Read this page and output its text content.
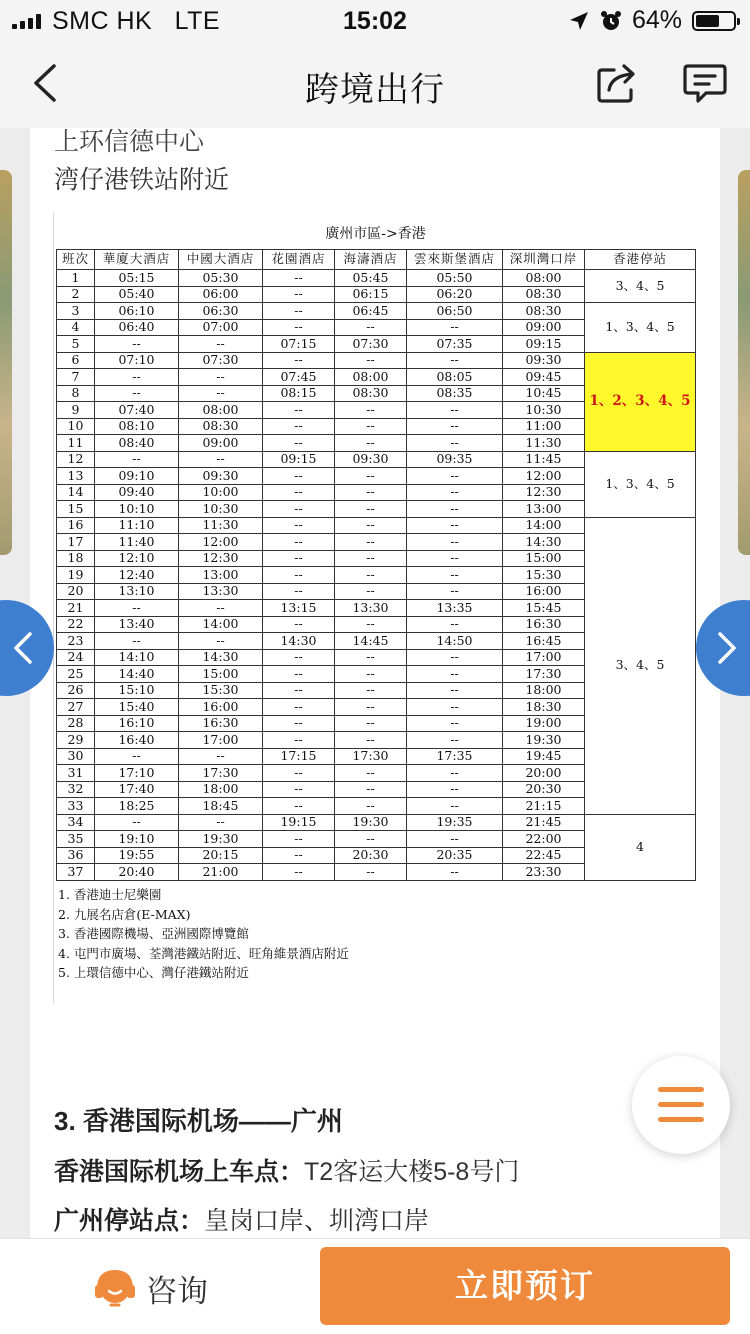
SMC HK   LTE	15:02	64%
跨境出行
上环信德中心
湾仔港铁站附近
廣州市區->香港
班次	華廈大酒店	中國大酒店	花園酒店	海濤酒店	雲來斯堡酒店	深圳灣口岸	香港停站
1	05:15	05:30	--	05:45	05:50	08:00	3、4、5
2	05:40	06:00	--	06:15	06:20	08:30	
3	06:10	06:30	--	06:45	06:50	08:30	1、3、4、5
4	06:40	07:00	--	--	--	09:00	
5	--	--	07:15	07:30	07:35	09:15	
6	07:10	07:30	--	--	--	09:30	1、2、3、4、5
7	--	--	07:45	08:00	08:05	09:45	
8	--	--	08:15	08:30	08:35	10:45	
9	07:40	08:00	--	--	--	10:30	
10	08:10	08:30	--	--	--	11:00	
11	08:40	09:00	--	--	--	11:30	
12	--	--	09:15	09:30	09:35	11:45	1、3、4、5
13	09:10	09:30	--	--	--	12:00	
14	09:40	10:00	--	--	--	12:30	
15	10:10	10:30	--	--	--	13:00	
16	11:10	11:30	--	--	--	14:00	3、4、5
17	11:40	12:00	--	--	--	14:30	
18	12:10	12:30	--	--	--	15:00	
19	12:40	13:00	--	--	--	15:30	
20	13:10	13:30	--	--	--	16:00	
21	--	--	13:15	13:30	13:35	15:45	
22	13:40	14:00	--	--	--	16:30	
23	--	--	14:30	14:45	14:50	16:45	
24	14:10	14:30	--	--	--	17:00	
25	14:40	15:00	--	--	--	17:30	
26	15:10	15:30	--	--	--	18:00	
27	15:40	16:00	--	--	--	18:30	
28	16:10	16:30	--	--	--	19:00	
29	16:40	17:00	--	--	--	19:30	
30	--	--	17:15	17:30	17:35	19:45	
31	17:10	17:30	--	--	--	20:00	
32	17:40	18:00	--	--	--	20:30	
33	18:25	18:45	--	--	--	21:15	
34	--	--	19:15	19:30	19:35	21:45	4
35	19:10	19:30	--	--	--	22:00	
36	19:55	20:15	--	20:30	20:35	22:45	
37	20:40	21:00	--	--	--	23:30	
1. 香港迪士尼樂園
2. 九展名店倉(E-MAX)
3. 香港國際機場、亞洲國際博覽館
4. 屯門市廣場、荃灣港鐵站附近、旺角維景酒店附近
5. 上環信德中心、灣仔港鐵站附近
3. 香港国际机场——广州
香港国际机场上车点：T2客运大楼5-8号门
广州停站点：皇岗口岸、圳湾口岸
咨询	立即预订
